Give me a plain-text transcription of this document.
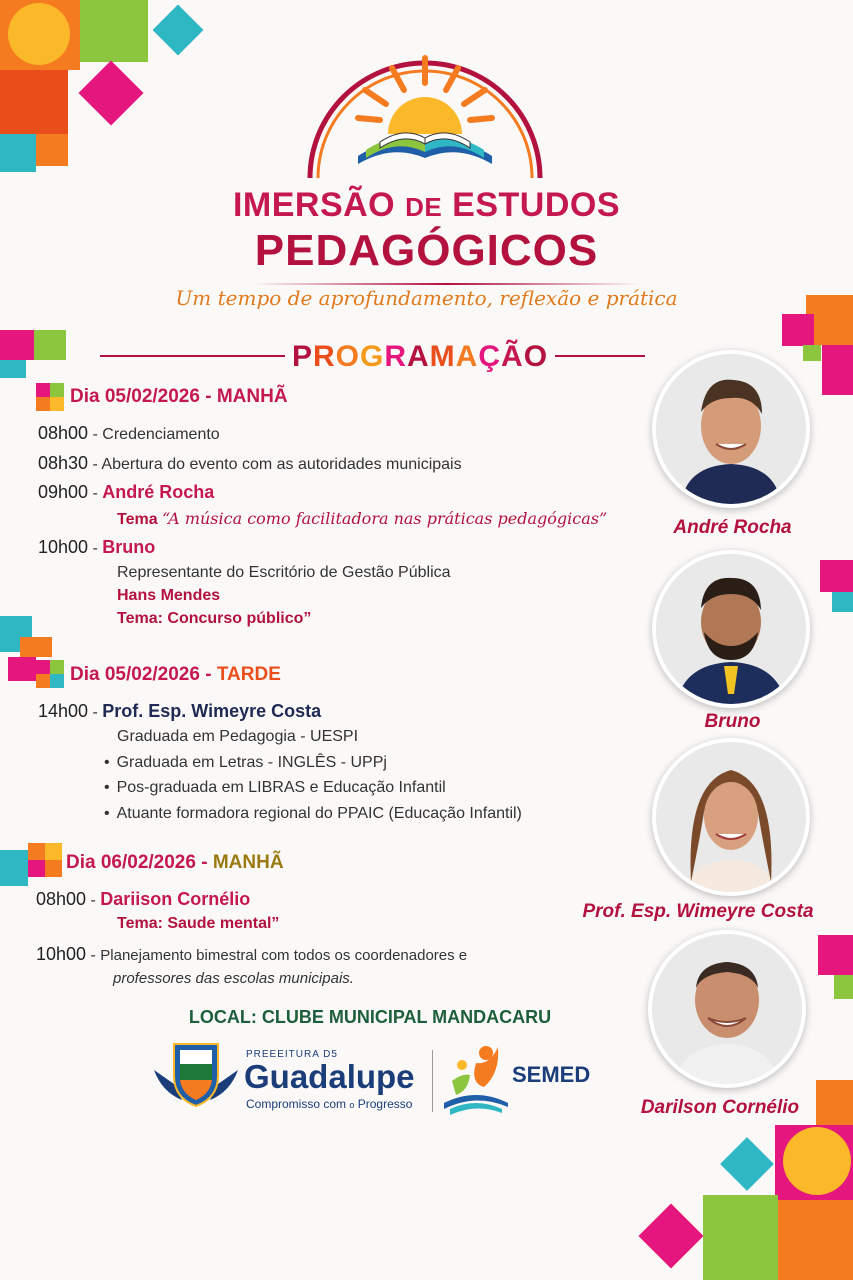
IMERSÃO DE ESTUDOS
PEDAGÓGICOS
Um tempo de aprofundamento, reflexão e prática
PROGRAMAÇÃO
Dia 05/02/2026 - MANHÃ
08h00 - Credenciamento
08h30 - Abertura do evento com as autoridades municipais
09h00 - André Rocha
Tema “A música como facilitadora nas práticas pedagógicas”
10h00 - Bruno
Representante do Escritório de Gestão Pública
Hans Mendes
Tema: Concurso público”
Dia 05/02/2026 - TARDE
14h00 - Prof. Esp. Wimeyre Costa
Graduada em Pedagogia - UESPI
• Graduada em Letras - INGLÊS - UPPj
• Pos-graduada em LIBRAS e Educação Infantil
• Atuante formadora regional do PPAIC (Educação Infantil)
Dia 06/02/2026 - MANHÃ
08h00 - Dariison Cornélio
Tema: Saude mental”
10h00 - Planejamento bimestral com todos os coordenadores e
professores das escolas municipais.
André Rocha
Bruno
Prof. Esp. Wimeyre Costa
Darilson Cornélio
LOCAL: CLUBE MUNICIPAL MANDACARU
PREEEITURA D5
Guadalupe
Compromisso com o Progresso
SEMED
